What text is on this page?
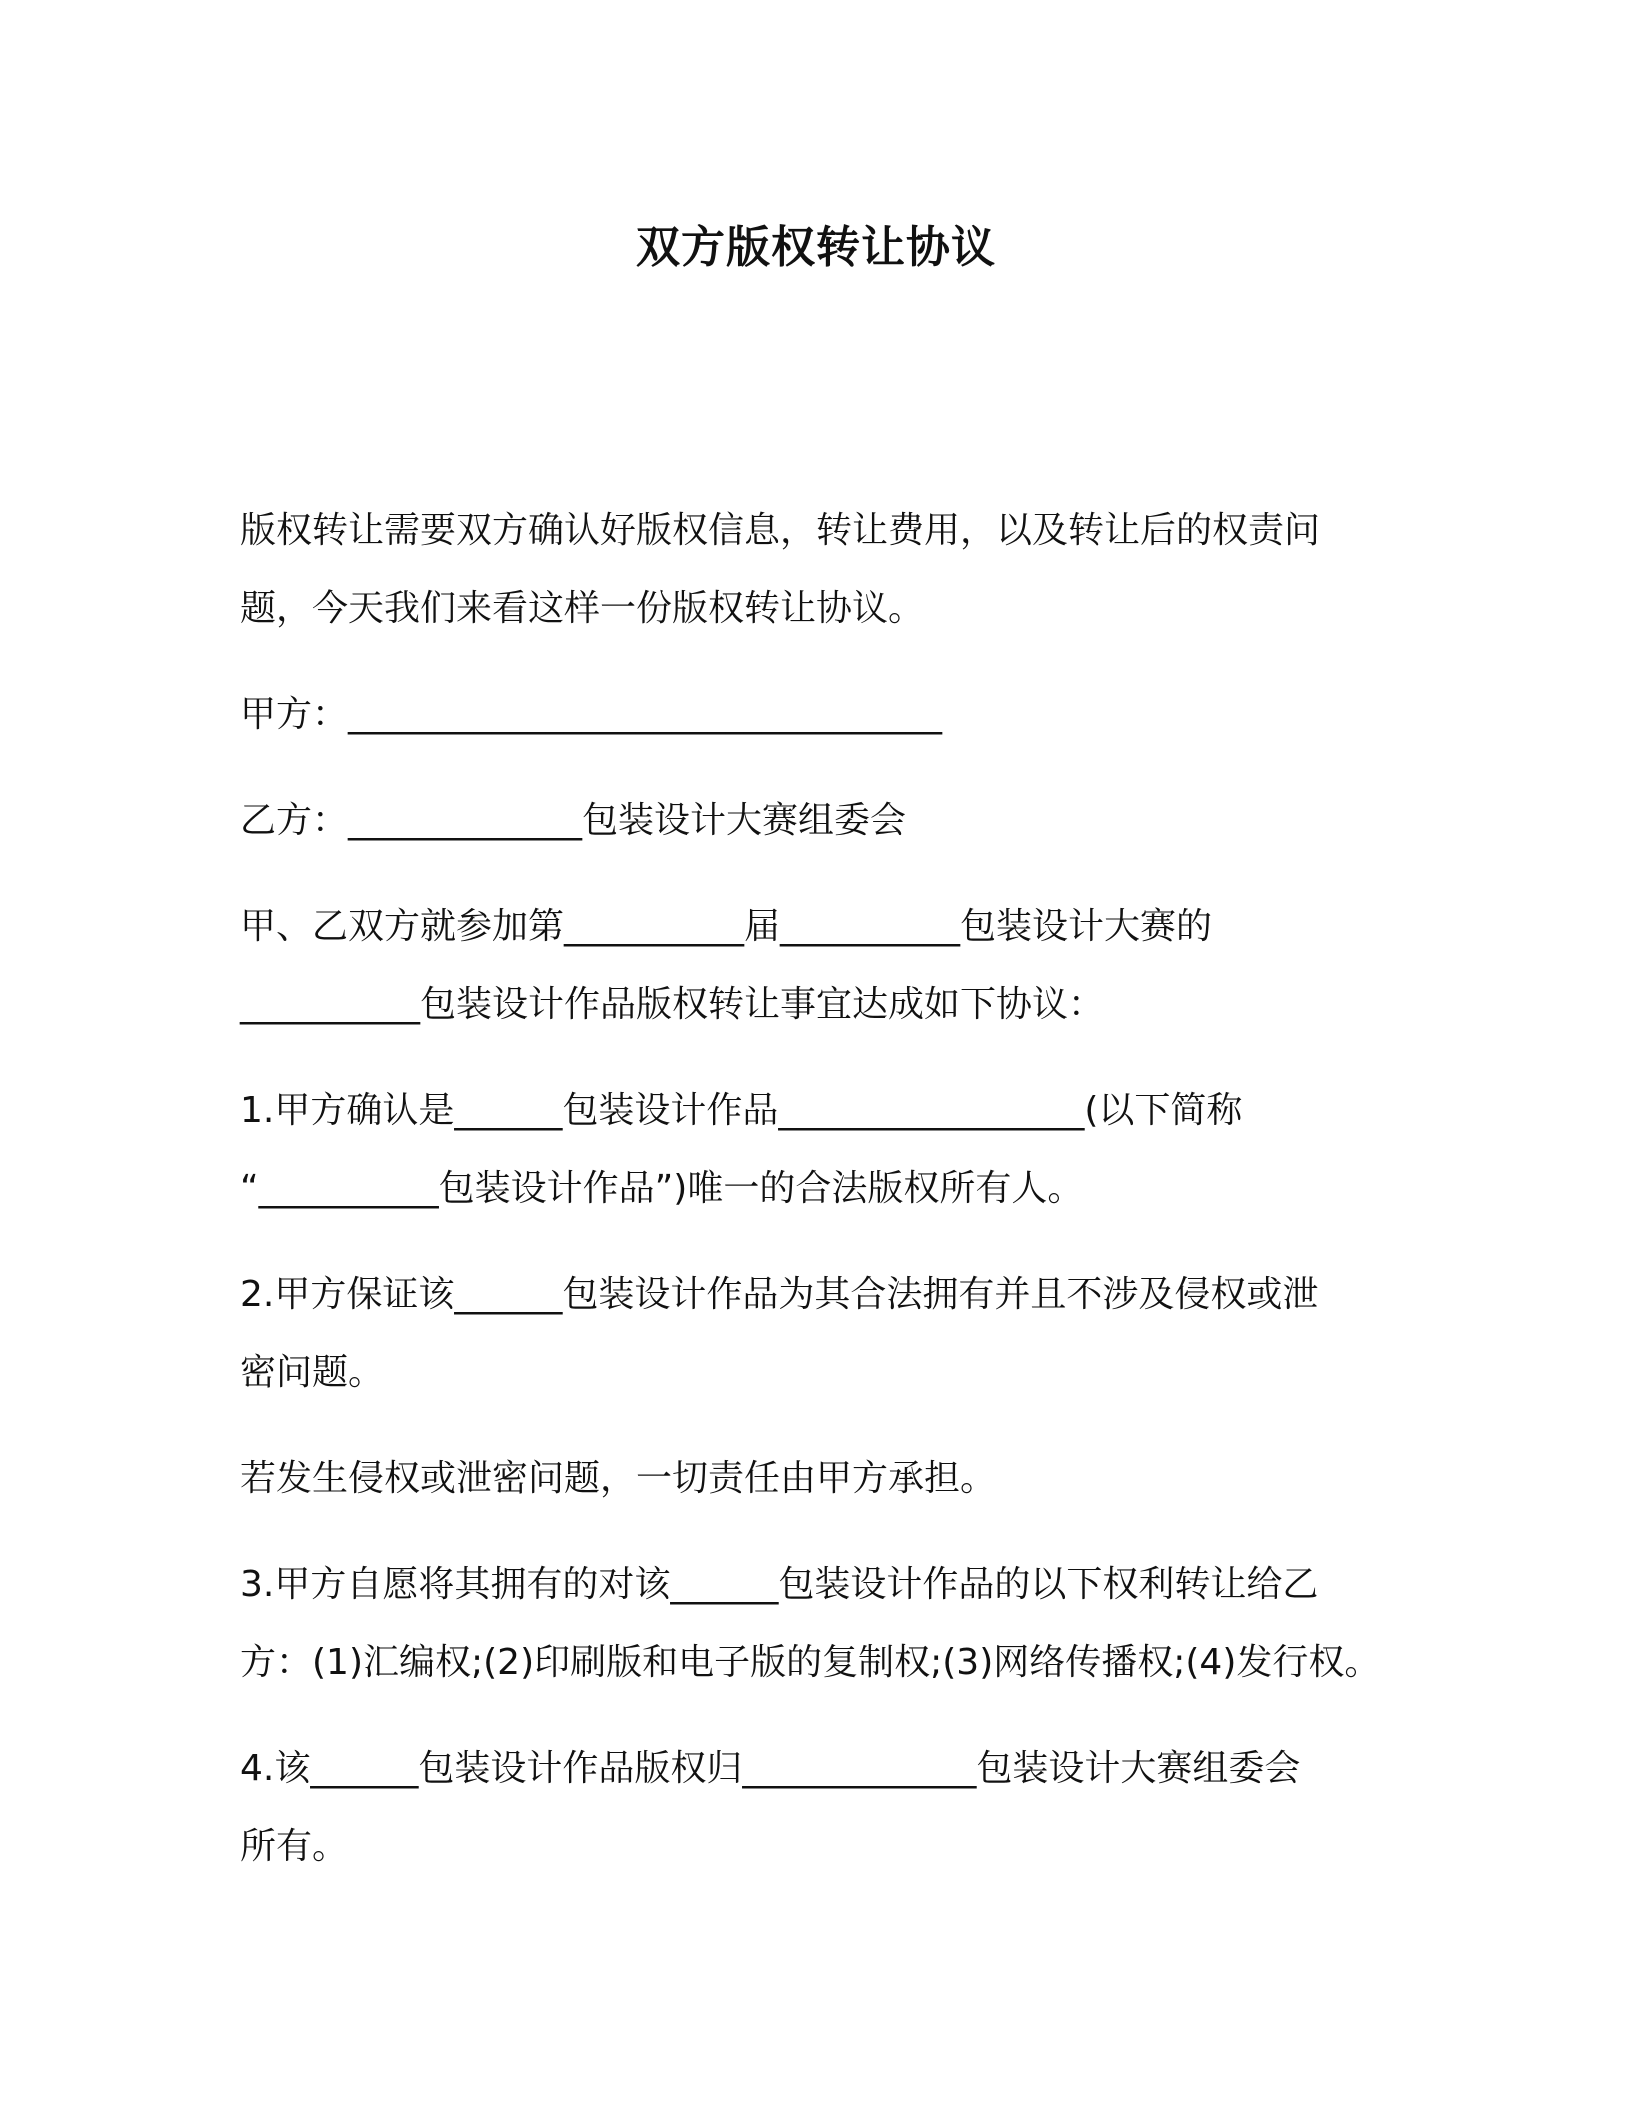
双方版权转让协议
版权转让需要双方确认好版权信息，转让费用，以及转让后的权责问
题，今天我们来看这样一份版权转让协议。
甲方：_________________________________
乙方：_____________包装设计大赛组委会
甲、乙双方就参加第__________届__________包装设计大赛的
__________包装设计作品版权转让事宜达成如下协议：
1.甲方确认是______包装设计作品_________________(以下简称
“__________包装设计作品”)唯一的合法版权所有人。
2.甲方保证该______包装设计作品为其合法拥有并且不涉及侵权或泄
密问题。
若发生侵权或泄密问题，一切责任由甲方承担。
3.甲方自愿将其拥有的对该______包装设计作品的以下权利转让给乙
方：(1)汇编权;(2)印刷版和电子版的复制权;(3)网络传播权;(4)发行权。
4.该______包装设计作品版权归_____________包装设计大赛组委会
所有。
